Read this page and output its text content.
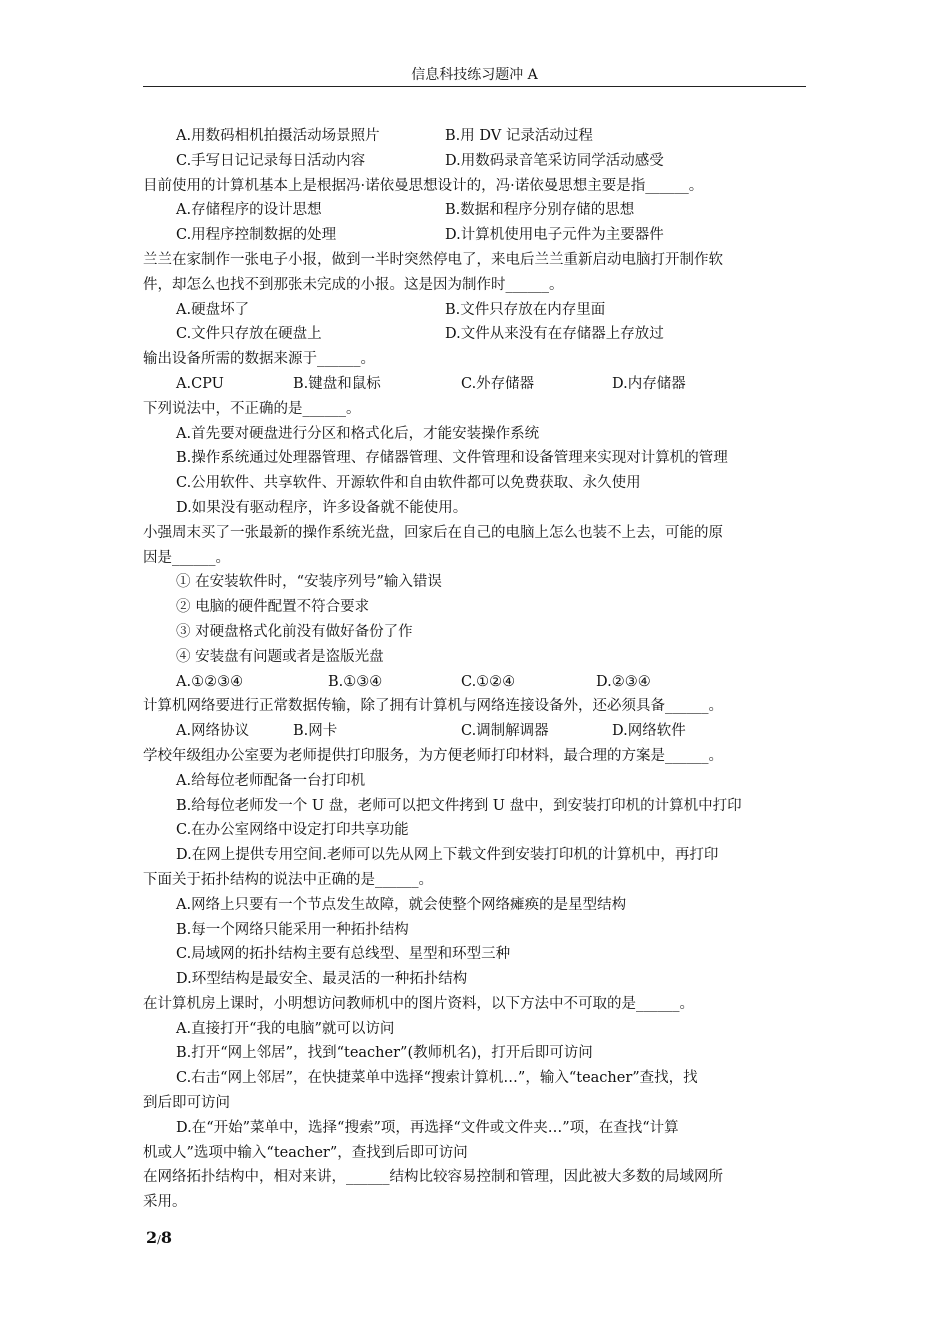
信息科技练习题冲 A
A.用数码相机拍摄活动场景照片	B.用 DV 记录活动过程
C.手写日记记录每日活动内容	D.用数码录音笔采访同学活动感受
目前使用的计算机基本上是根据冯·诺依曼思想设计的，冯·诺依曼思想主要是指______。
A.存储程序的设计思想	B.数据和程序分别存储的思想
C.用程序控制数据的处理	D.计算机使用电子元件为主要器件
兰兰在家制作一张电子小报，做到一半时突然停电了，来电后兰兰重新启动电脑打开制作软
件，却怎么也找不到那张未完成的小报。这是因为制作时______。
A.硬盘坏了	B.文件只存放在内存里面
C.文件只存放在硬盘上	D.文件从来没有在存储器上存放过
输出设备所需的数据来源于______。
A.CPU	B.键盘和鼠标	C.外存储器	D.内存储器
下列说法中，不正确的是______。
A.首先要对硬盘进行分区和格式化后，才能安装操作系统
B.操作系统通过处理器管理、存储器管理、文件管理和设备管理来实现对计算机的管理
C.公用软件、共享软件、开源软件和自由软件都可以免费获取、永久使用
D.如果没有驱动程序，许多设备就不能使用。
小强周末买了一张最新的操作系统光盘，回家后在自己的电脑上怎么也装不上去，可能的原
因是______。
① 在安装软件时，“安装序列号”输入错误
② 电脑的硬件配置不符合要求
③ 对硬盘格式化前没有做好备份了作
④ 安装盘有问题或者是盗版光盘
A.①②③④	B.①③④	C.①②④	D.②③④
计算机网络要进行正常数据传输，除了拥有计算机与网络连接设备外，还必须具备______。
A.网络协议	B.网卡	C.调制解调器	D.网络软件
学校年级组办公室要为老师提供打印服务，为方便老师打印材料，最合理的方案是______。
A.给每位老师配备一台打印机
B.给每位老师发一个 U 盘，老师可以把文件拷到 U 盘中，到安装打印机的计算机中打印
C.在办公室网络中设定打印共享功能
D.在网上提供专用空间.老师可以先从网上下载文件到安装打印机的计算机中，再打印
下面关于拓扑结构的说法中正确的是______。
A.网络上只要有一个节点发生故障，就会使整个网络瘫痪的是星型结构
B.每一个网络只能采用一种拓扑结构
C.局域网的拓扑结构主要有总线型、星型和环型三种
D.环型结构是最安全、最灵活的一种拓扑结构
在计算机房上课时，小明想访问教师机中的图片资料，以下方法中不可取的是______。
A.直接打开“我的电脑”就可以访问
B.打开“网上邻居”，找到“teacher”(教师机名)，打开后即可访问
C.右击“网上邻居”，在快捷菜单中选择“搜索计算机…”，输入“teacher”查找，找
到后即可访问
D.在“开始”菜单中，选择“搜索”项，再选择“文件或文件夹…”项，在查找“计算
机或人”选项中输入“teacher”，查找到后即可访问
在网络拓扑结构中，相对来讲，______结构比较容易控制和管理，因此被大多数的局域网所
采用。
2/8
